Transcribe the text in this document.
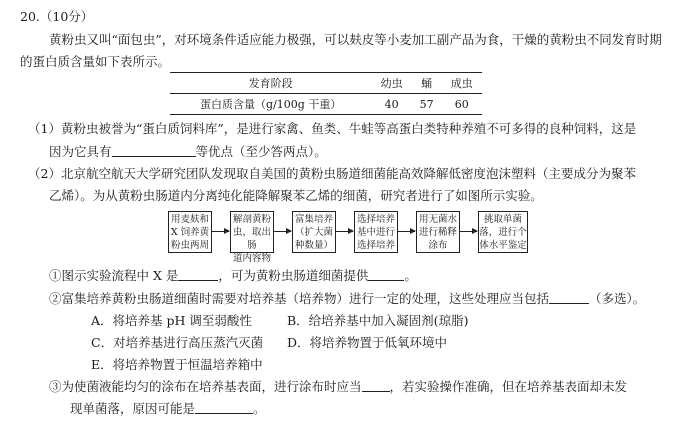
20.（10分）
黄粉虫又叫“面包虫”，对环境条件适应能力极强，可以麸皮等小麦加工副产品为食，干燥的黄粉虫不同发育时期
的蛋白质含量如下表所示。
发育阶段	幼虫	蛹	成虫
蛋白质含量（g/100g 干重）	40	57	60
（1）黄粉虫被誉为“蛋白质饲料库”，是进行家禽、鱼类、牛蛙等高蛋白类特种养殖不可多得的良种饲料，这是
因为它具有	等优点（至少答两点）。
（2）北京航空航天大学研究团队发现取自美国的黄粉虫肠道细菌能高效降解低密度泡沫塑料（主要成分为聚苯
乙烯）。为从黄粉虫肠道内分离纯化能降解聚苯乙烯的细菌，研究者进行了如图所示实验。
用麦麸和
X 饲养黄
粉虫两周
解剖黄粉
虫，取出肠
道内容物
富集培养
（扩大菌
种数量）
选择培养
基中进行
选择培养
用无菌水
进行稀释
涂布
挑取单菌
落，进行个
体水平鉴定
①图示实验流程中 X 是	，可为黄粉虫肠道细菌提供	。
②富集培养黄粉虫肠道细菌时需要对培养基（培养物）进行一定的处理，这些处理应当包括	（多选）。
A．将培养基 pH 调至弱酸性	B．给培养基中加入凝固剂(琼脂)
C．对培养基进行高压蒸汽灭菌 D．将培养物置于低氧环境中
E．将培养物置于恒温培养箱中
③为使菌液能均匀的涂布在培养基表面，进行涂布时应当 ，若实验操作准确，但在培养基表面却未发
现单菌落，原因可能是	。
